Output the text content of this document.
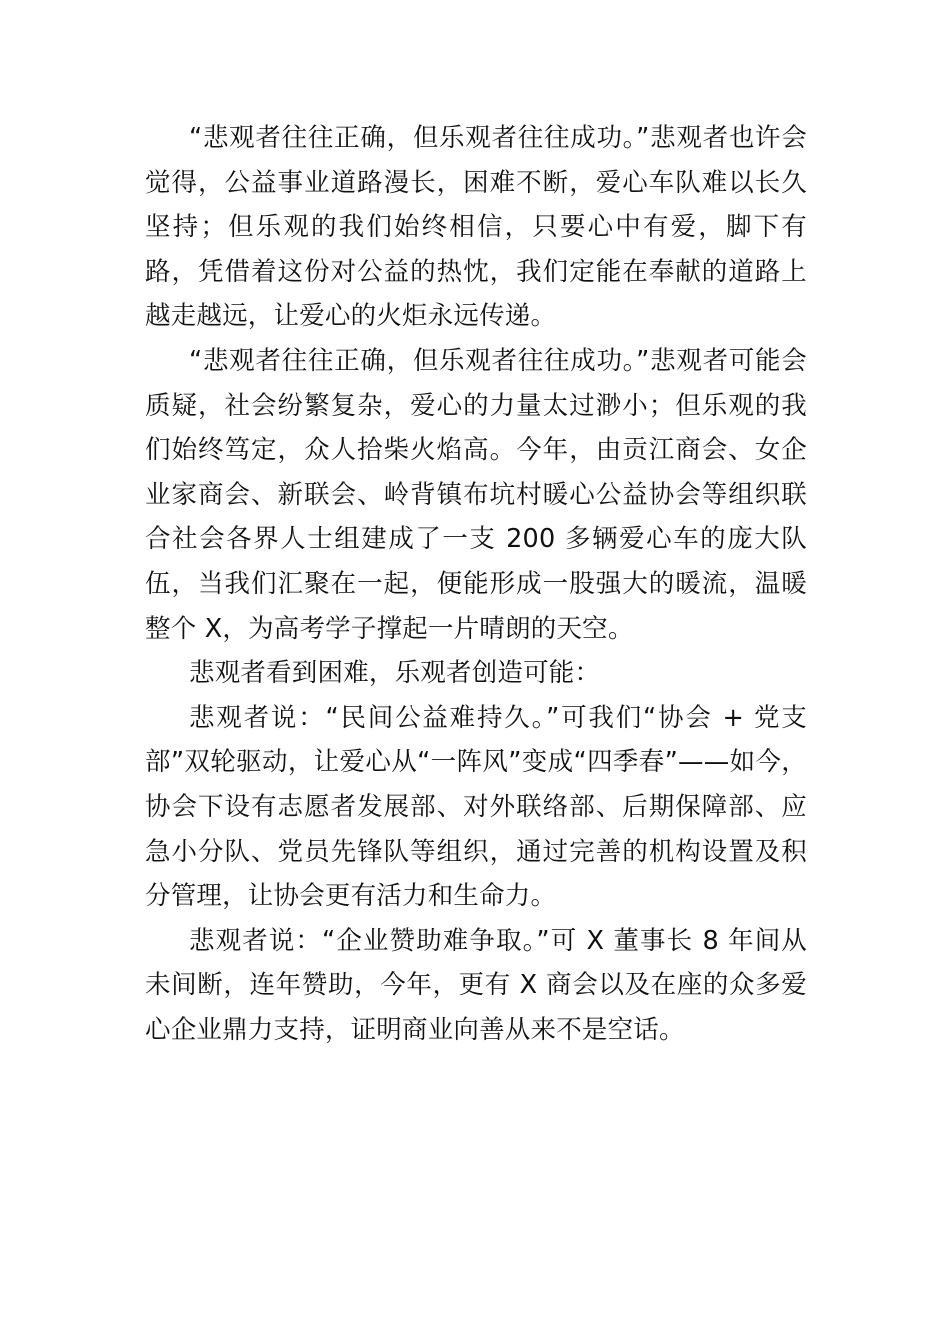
“悲观者往往正确，但乐观者往往成功。”悲观者也许会觉得，公益事业道路漫长，困难不断，爱心车队难以长久坚持；但乐观的我们始终相信，只要心中有爱，脚下有路，凭借着这份对公益的热忱，我们定能在奉献的道路上越走越远，让爱心的火炬永远传递。

“悲观者往往正确，但乐观者往往成功。”悲观者可能会质疑，社会纷繁复杂，爱心的力量太过渺小；但乐观的我们始终笃定，众人拾柴火焰高。今年，由贡江商会、女企业家商会、新联会、岭背镇布坑村暖心公益协会等组织联合社会各界人士组建成了一支 200 多辆爱心车的庞大队伍，当我们汇聚在一起，便能形成一股强大的暖流，温暖整个 X，为高考学子撑起一片晴朗的天空。

悲观者看到困难，乐观者创造可能：

悲观者说：“民间公益难持久。”可我们“协会 + 党支部”双轮驱动，让爱心从“一阵风”变成“四季春”——如今，协会下设有志愿者发展部、对外联络部、后期保障部、应急小分队、党员先锋队等组织，通过完善的机构设置及积分管理，让协会更有活力和生命力。

悲观者说：“企业赞助难争取。”可 X 董事长 8 年间从未间断，连年赞助，今年，更有 X 商会以及在座的众多爱心企业鼎力支持，证明商业向善从来不是空话。
